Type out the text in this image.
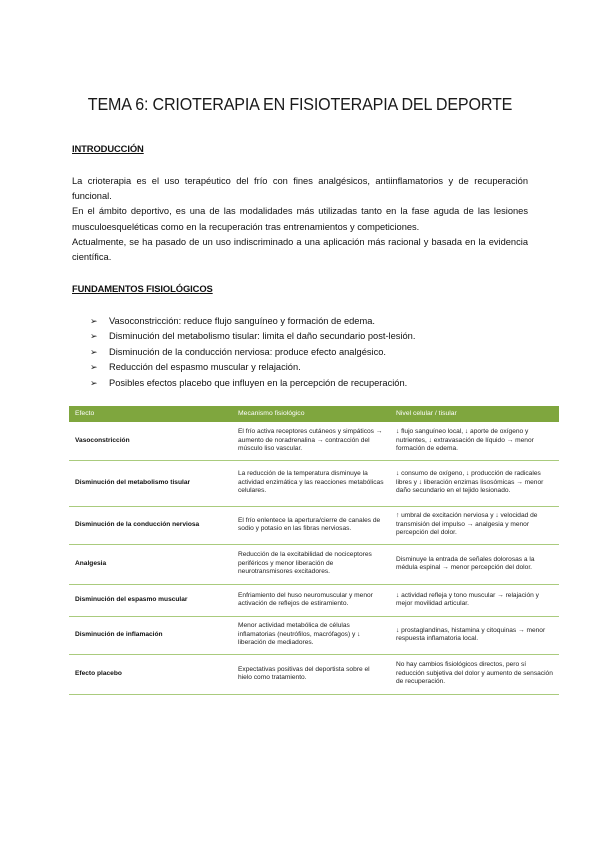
TEMA 6: CRIOTERAPIA EN FISIOTERAPIA DEL DEPORTE
INTRODUCCIÓN

La crioterapia es el uso terapéutico del frío con fines analgésicos, antiinflamatorios y de recuperación funcional.

En el ámbito deportivo, es una de las modalidades más utilizadas tanto en la fase aguda de las lesiones musculoesqueléticas como en la recuperación tras entrenamientos y competiciones.

Actualmente, se ha pasado de un uso indiscriminado a una aplicación más racional y basada en la evidencia científica.

FUNDAMENTOS FISIOLÓGICOS
➢ Vasoconstricción: reduce flujo sanguíneo y formación de edema.
➢ Disminución del metabolismo tisular: limita el daño secundario post-lesión.
➢ Disminución de la conducción nerviosa: produce efecto analgésico.
➢ Reducción del espasmo muscular y relajación.
➢ Posibles efectos placebo que influyen en la percepción de recuperación.
Efecto	Mecanismo fisiológico	Nivel celular / tisular
Vasoconstricción	El frío activa receptores cutáneos y simpáticos → aumento de noradrenalina → contracción del músculo liso vascular.	↓ flujo sanguíneo local, ↓ aporte de oxígeno y nutrientes, ↓ extravasación de líquido → menor formación de edema.
Disminución del metabolismo tisular	La reducción de la temperatura disminuye la actividad enzimática y las reacciones metabólicas celulares.	↓ consumo de oxígeno, ↓ producción de radicales libres y ↓ liberación enzimas lisosómicas → menor daño secundario en el tejido lesionado.
Disminución de la conducción nerviosa	El frío enlentece la apertura/cierre de canales de sodio y potasio en las fibras nerviosas.	↑ umbral de excitación nerviosa y ↓ velocidad de transmisión del impulso → analgesia y menor percepción del dolor.
Analgesia	Reducción de la excitabilidad de nociceptores periféricos y menor liberación de neurotransmisores excitadores.	Disminuye la entrada de señales dolorosas a la médula espinal → menor percepción del dolor.
Disminución del espasmo muscular	Enfriamiento del huso neuromuscular y menor activación de reflejos de estiramiento.	↓ actividad refleja y tono muscular → relajación y mejor movilidad articular.
Disminución de inflamación	Menor actividad metabólica de células inflamatorias (neutrófilos, macrófagos) y ↓ liberación de mediadores.	↓ prostaglandinas, histamina y citoquinas → menor respuesta inflamatoria local.
Efecto placebo	Expectativas positivas del deportista sobre el hielo como tratamiento.	No hay cambios fisiológicos directos, pero sí reducción subjetiva del dolor y aumento de sensación de recuperación.
